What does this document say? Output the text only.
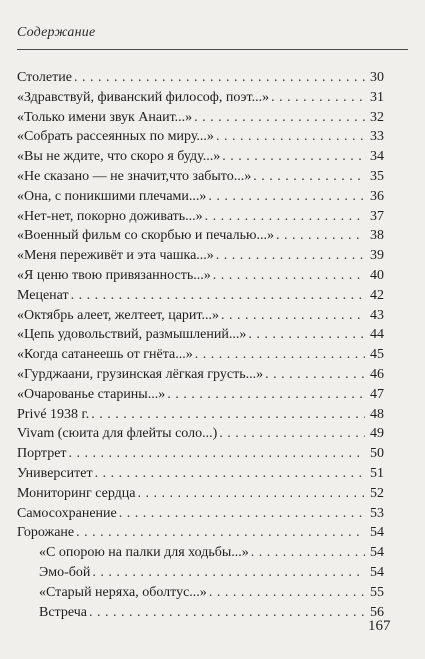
Содержание
Столетие . . .	30
«Здравствуй, фиванский философ, поэт...» . . .	31
«Только имени звук Анаит...» . . .	32
«Собрать рассеянных по миру...» . . .	33
«Вы не ждите, что скоро я буду...» . . .	34
«Не сказано — не значит,что забыто...» . . .	35
«Она, с поникшими плечами...» . . .	36
«Нет-нет, покорно доживать...» . . .	37
«Военный фильм со скорбью и печалью...» . . .	38
«Меня переживёт и эта чашка...» . . .	39
«Я ценю твою привязанность...» . . .	40
Меценат . . .	42
«Октябрь алеет, желтеет, царит...» . . .	43
«Цепь удовольствий, размышлений...» . . .	44
«Когда сатанеешь от гнёта...» . . .	45
«Гурджаани, грузинская лёгкая грусть...» . . .	46
«Очарованье старины...» . . .	47
Privé 1938 г. . . .	48
Vivam (сюита для флейты соло...) . . .	49
Портрет . . .	50
Университет . . .	51
Мониторинг сердца . . .	52
Самосохранение . . .	53
Горожане . . .	54
«С опорою на палки для ходьбы...» . . .	54
Эмо-бой . . .	54
«Старый неряха, оболтус...» . . .	55
Встреча . . .	56
167
